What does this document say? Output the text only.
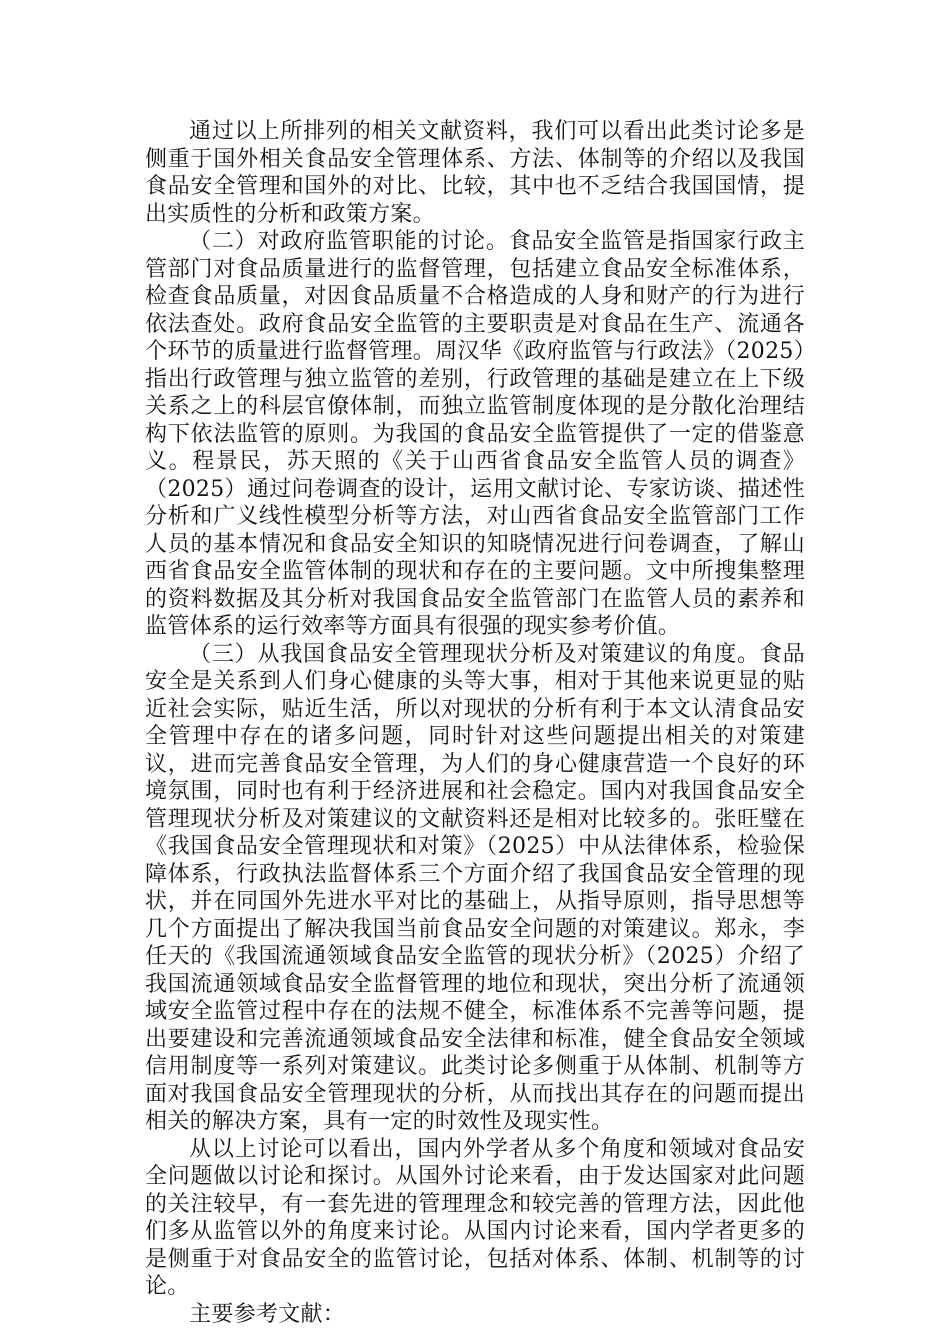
通过以上所排列的相关文献资料，我们可以看出此类讨论多是侧重于国外相关食品安全管理体系、方法、体制等的介绍以及我国食品安全管理和国外的对比、比较，其中也不乏结合我国国情，提出实质性的分析和政策方案。

（二）对政府监管职能的讨论。食品安全监管是指国家行政主管部门对食品质量进行的监督管理，包括建立食品安全标准体系，检查食品质量，对因食品质量不合格造成的人身和财产的行为进行依法查处。政府食品安全监管的主要职责是对食品在生产、流通各个环节的质量进行监督管理。周汉华《政府监管与行政法》（2025）指出行政管理与独立监管的差别，行政管理的基础是建立在上下级关系之上的科层官僚体制，而独立监管制度体现的是分散化治理结构下依法监管的原则。为我国的食品安全监管提供了一定的借鉴意义。程景民，苏天照的《关于山西省食品安全监管人员的调查》（2025）通过问卷调查的设计，运用文献讨论、专家访谈、描述性分析和广义线性模型分析等方法，对山西省食品安全监管部门工作人员的基本情况和食品安全知识的知晓情况进行问卷调查，了解山西省食品安全监管体制的现状和存在的主要问题。文中所搜集整理的资料数据及其分析对我国食品安全监管部门在监管人员的素养和监管体系的运行效率等方面具有很强的现实参考价值。

（三）从我国食品安全管理现状分析及对策建议的角度。食品安全是关系到人们身心健康的头等大事，相对于其他来说更显的贴近社会实际，贴近生活，所以对现状的分析有利于本文认清食品安全管理中存在的诸多问题，同时针对这些问题提出相关的对策建议，进而完善食品安全管理，为人们的身心健康营造一个良好的环境氛围，同时也有利于经济进展和社会稳定。国内对我国食品安全管理现状分析及对策建议的文献资料还是相对比较多的。张旺璧在《我国食品安全管理现状和对策》（2025）中从法律体系，检验保障体系，行政执法监督体系三个方面介绍了我国食品安全管理的现状，并在同国外先进水平对比的基础上，从指导原则，指导思想等几个方面提出了解决我国当前食品安全问题的对策建议。郑永，李任天的《我国流通领域食品安全监管的现状分析》（2025）介绍了我国流通领域食品安全监督管理的地位和现状，突出分析了流通领域安全监管过程中存在的法规不健全，标准体系不完善等问题，提出要建设和完善流通领域食品安全法律和标准，健全食品安全领域信用制度等一系列对策建议。此类讨论多侧重于从体制、机制等方面对我国食品安全管理现状的分析，从而找出其存在的问题而提出相关的解决方案，具有一定的时效性及现实性。

从以上讨论可以看出，国内外学者从多个角度和领域对食品安全问题做以讨论和探讨。从国外讨论来看，由于发达国家对此问题的关注较早，有一套先进的管理理念和较完善的管理方法，因此他们多从监管以外的角度来讨论。从国内讨论来看，国内学者更多的是侧重于对食品安全的监管讨论，包括对体系、体制、机制等的讨论。

主要参考文献：
